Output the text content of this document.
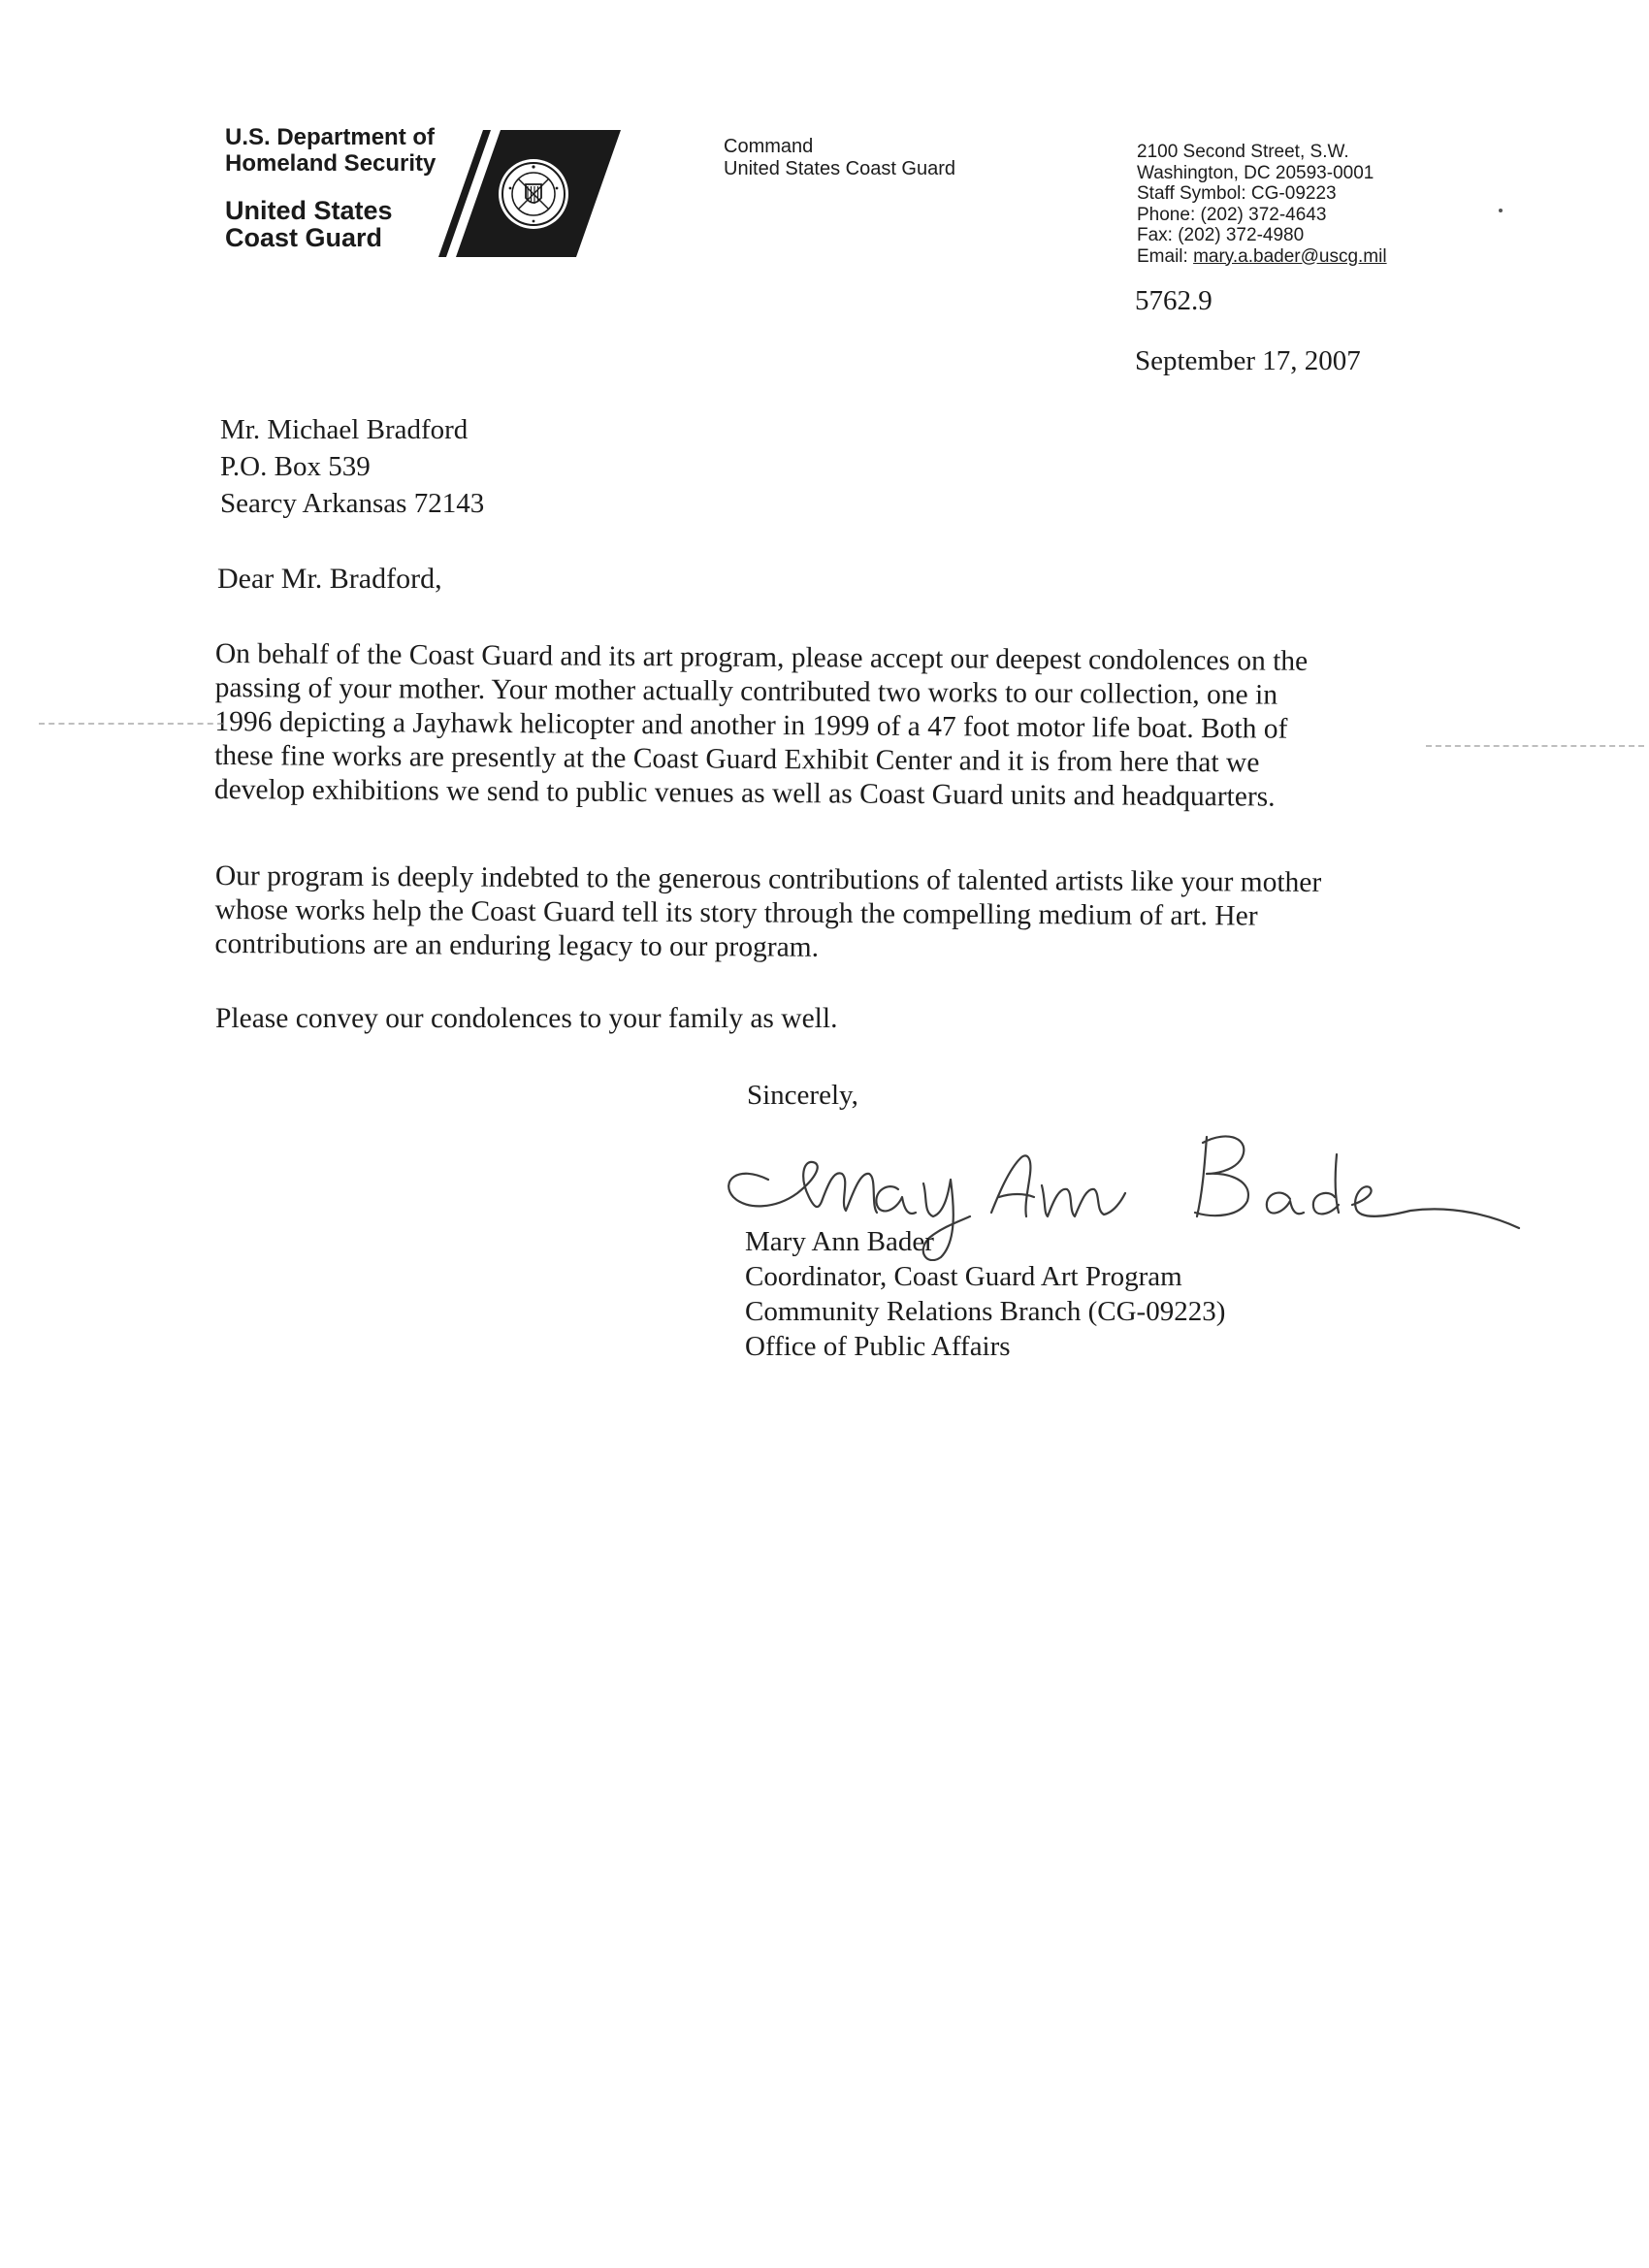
U.S. Department of
Homeland Security
United States
Coast Guard
Command
United States Coast Guard
2100 Second Street, S.W.
Washington, DC 20593-0001
Staff Symbol: CG-09223
Phone: (202) 372-4643
Fax: (202) 372-4980
Email: mary.a.bader@uscg.mil
5762.9
September 17, 2007
Mr. Michael Bradford
P.O. Box 539
Searcy Arkansas 72143
Dear Mr. Bradford,
On behalf of the Coast Guard and its art program, please accept our deepest condolences on the
passing of your mother. Your mother actually contributed two works to our collection, one in
1996 depicting a Jayhawk helicopter and another in 1999 of a 47 foot motor life boat. Both of
these fine works are presently at the Coast Guard Exhibit Center and it is from here that we
develop exhibitions we send to public venues as well as Coast Guard units and headquarters.
Our program is deeply indebted to the generous contributions of talented artists like your mother
whose works help the Coast Guard tell its story through the compelling medium of art. Her
contributions are an enduring legacy to our program.
Please convey our condolences to your family as well.
Sincerely,
Mary Ann Bader
Coordinator, Coast Guard Art Program
Community Relations Branch (CG-09223)
Office of Public Affairs
